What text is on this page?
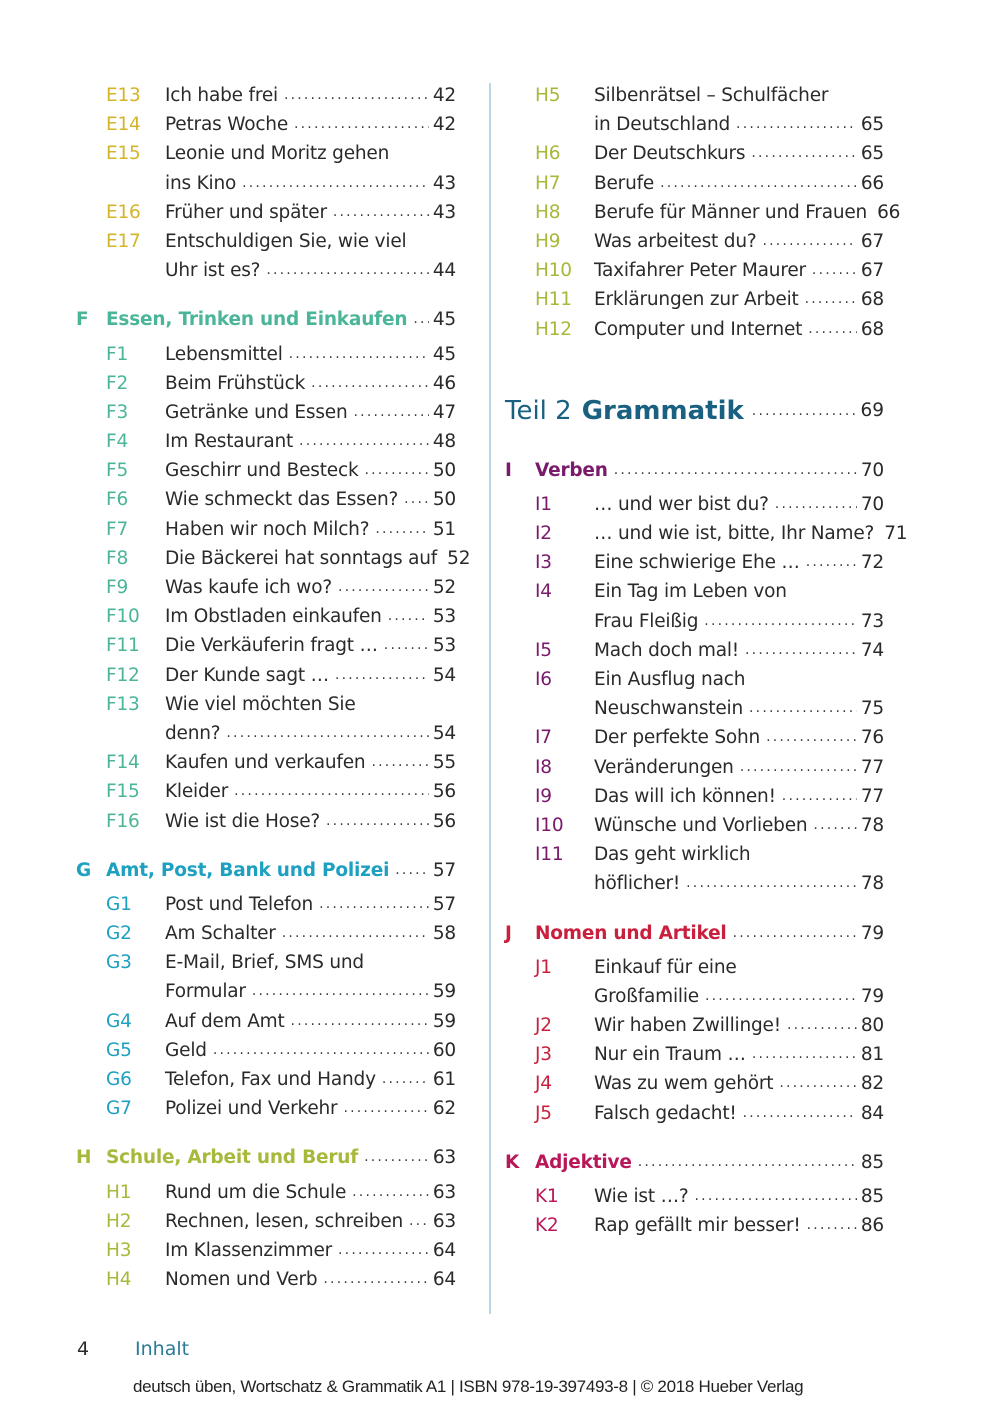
E13 Ich habe frei .....	42
E14 Petras Woche .....	42
E15 Leonie und Moritz gehen
ins Kino .....	43
E16 Früher und später .....	43
E17 Entschuldigen Sie, wie viel
Uhr ist es? .....	44
F Essen, Trinken und Einkaufen .....	45
F1 Lebensmittel .....	45
F2 Beim Frühstück .....	46
F3 Getränke und Essen .....	47
F4 Im Restaurant .....	48
F5 Geschirr und Besteck .....	50
F6 Wie schmeckt das Essen? .....	50
F7 Haben wir noch Milch? .....	51
F8 Die Bäckerei hat sonntags auf 52
F9 Was kaufe ich wo? .....	52
F10 Im Obstladen einkaufen .....	53
F11 Die Verkäuferin fragt … .....	53
F12 Der Kunde sagt … .....	54
F13 Wie viel möchten Sie
denn? .....	54
F14 Kaufen und verkaufen .....	55
F15 Kleider .....	56
F16 Wie ist die Hose? .....	56
G Amt, Post, Bank und Polizei .....	57
G1 Post und Telefon .....	57
G2 Am Schalter .....	58
G3 E-Mail, Brief, SMS und
Formular .....	59
G4 Auf dem Amt .....	59
G5 Geld .....	60
G6 Telefon, Fax und Handy .....	61
G7 Polizei und Verkehr .....	62
H Schule, Arbeit und Beruf .....	63
H1 Rund um die Schule .....	63
H2 Rechnen, lesen, schreiben .....	63
H3 Im Klassenzimmer .....	64
H4 Nomen und Verb .....	64
H5 Silbenrätsel – Schulfächer
in Deutschland .....	65
H6 Der Deutschkurs .....	65
H7 Berufe .....	66
H8 Berufe für Männer und Frauen 66
H9 Was arbeitest du? .....	67
H10 Taxifahrer Peter Maurer .....	67
H11 Erklärungen zur Arbeit .....	68
H12 Computer und Internet .....	68
Teil 2 Grammatik .....	69
I Verben .....	70
I1 … und wer bist du? .....	70
I2 … und wie ist, bitte, Ihr Name? 71
I3 Eine schwierige Ehe … .....	72
I4 Ein Tag im Leben von
Frau Fleißig .....	73
I5 Mach doch mal! .....	74
I6 Ein Ausflug nach
Neuschwanstein .....	75
I7 Der perfekte Sohn .....	76
I8 Veränderungen .....	77
I9 Das will ich können! .....	77
I10 Wünsche und Vorlieben .....	78
I11 Das geht wirklich
höflicher! .....	78
J Nomen und Artikel .....	79
J1 Einkauf für eine
Großfamilie .....	79
J2 Wir haben Zwillinge! .....	80
J3 Nur ein Traum … .....	81
J4 Was zu wem gehört .....	82
J5 Falsch gedacht! .....	84
K Adjektive .....	85
K1 Wie ist …? .....	85
K2 Rap gefällt mir besser! .....	86
4 Inhalt
deutsch üben, Wortschatz & Grammatik A1 | ISBN 978-19-397493-8 | © 2018 Hueber Verlag
